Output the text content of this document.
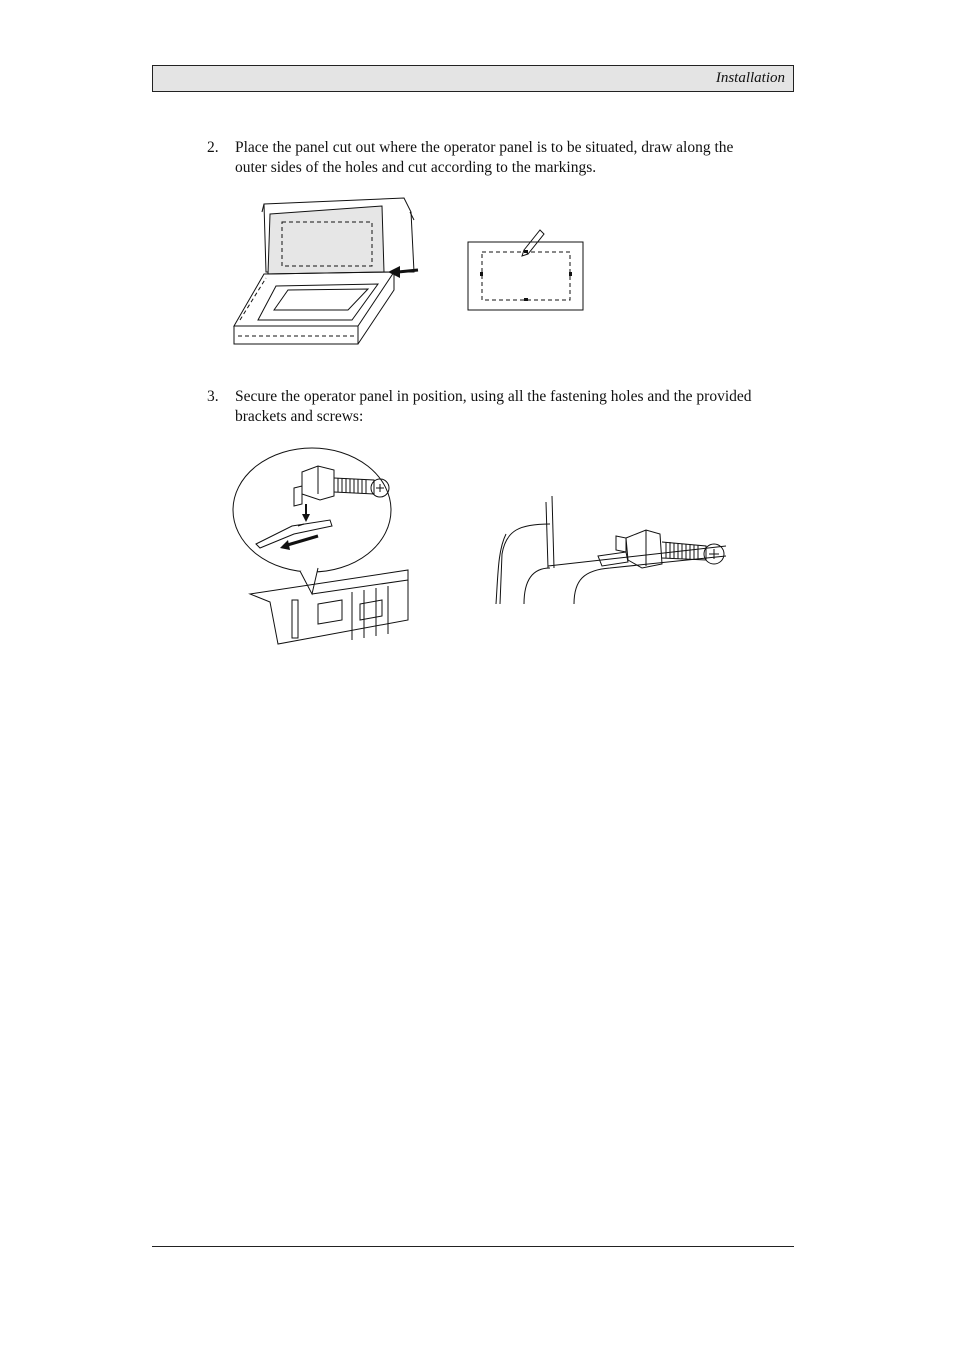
Installation
2. Place the panel cut out where the operator panel is to be situated, draw along the outer sides of the holes and cut according to the markings.
3. Secure the operator panel in position, using all the fastening holes and the provided brackets and screws:
